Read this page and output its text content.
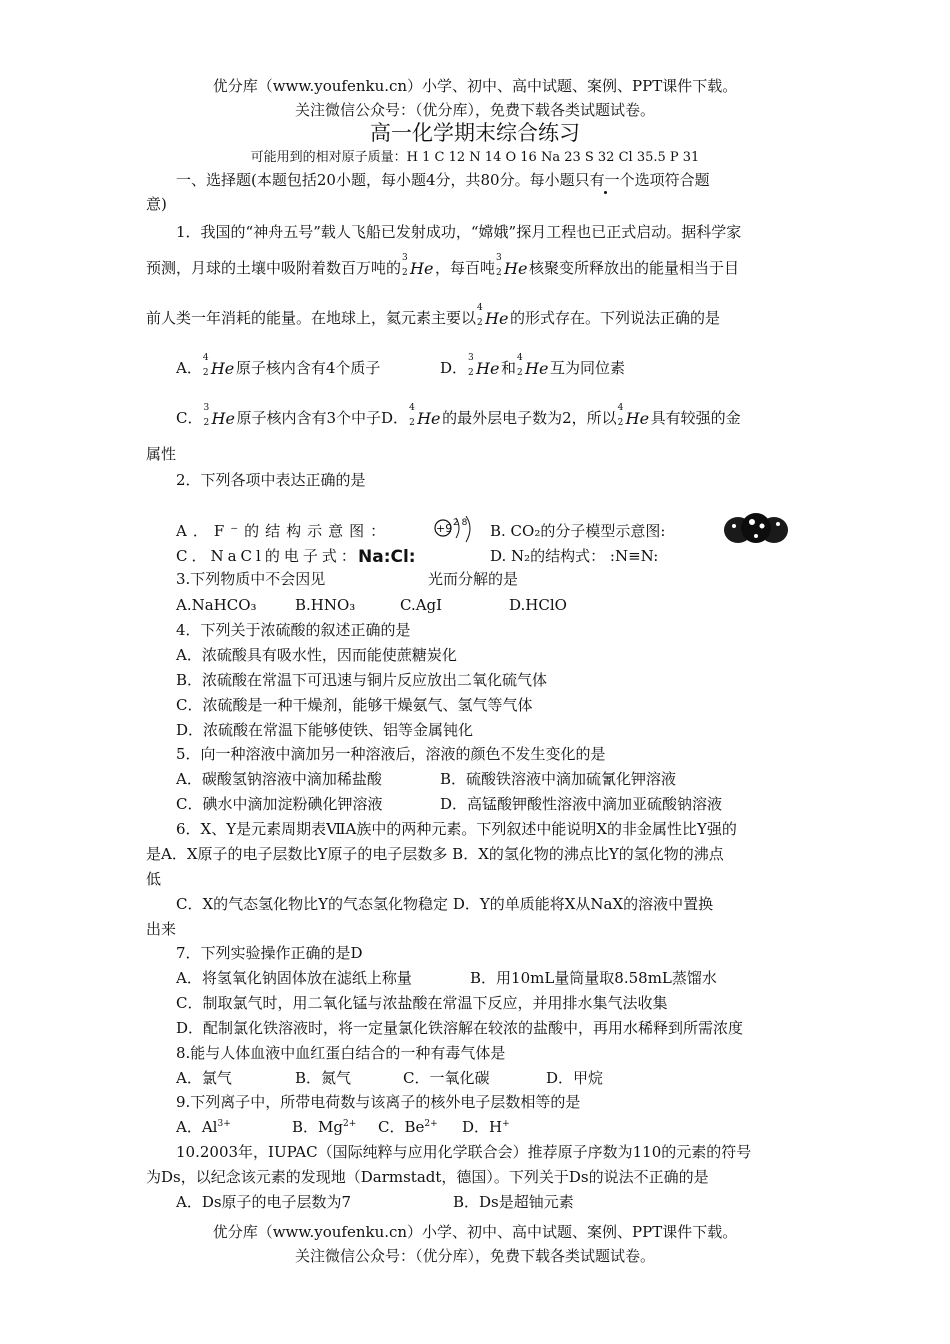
优分库（www.youfenku.cn）小学、初中、高中试题、案例、PPT课件下载。
关注微信公众号：（优分库），免费下载各类试题试卷。
高一化学期末综合练习
可能用到的相对原子质量：H 1 C 12 N 14 O 16 Na 23 S 32 Cl 35.5 P 31
一、选择题(本题包括20小题，每小题4分，共80分。每小题只有一个选项符合题
意)
1．我国的“神舟五号”载人飞船已发射成功，“嫦娥”探月工程也已正式启动。据科学家
预测，月球的土壤中吸附着数百万吨的
3
2 He ，每百吨
3
2 He 核聚变所释放出的能量相当于目
前人类一年消耗的能量。在地球上，氦元素主要以
4
2 He 的形式存在。下列说法正确的是
A．
4
2 He 原子核内含有4个质子	D．
3
2 He 和
4
2 He 互为同位素
C．
3
2 He 原子核内含有3个中子D．
4
2 He 的最外层电子数为2，所以
4
2 He 具有较强的金
属性
2．下列各项中表达正确的是
A．F⁻的结构示意图：	+9 2 8 B. CO₂的分子模型示意图:
C．NaCl的电子式：
Na:Cl:	D. N₂的结构式： :N≡N:
3.下列物质中不会因见	光而分解的是
A.NaHCO₃	B.HNO₃	C.AgI	D.HClO
4．下列关于浓硫酸的叙述正确的是
A．浓硫酸具有吸水性，因而能使蔗糖炭化
B．浓硫酸在常温下可迅速与铜片反应放出二氧化硫气体
C．浓硫酸是一种干燥剂，能够干燥氨气、氢气等气体
D．浓硫酸在常温下能够使铁、铝等金属钝化
5．向一种溶液中滴加另一种溶液后，溶液的颜色不发生变化的是
A．碳酸氢钠溶液中滴加稀盐酸	B．硫酸铁溶液中滴加硫氰化钾溶液
C．碘水中滴加淀粉碘化钾溶液	D．高锰酸钾酸性溶液中滴加亚硫酸钠溶液
6．X、Y是元素周期表ⅦA族中的两种元素。下列叙述中能说明X的非金属性比Y强的
是A．X原子的电子层数比Y原子的电子层数多 B．X的氢化物的沸点比Y的氢化物的沸点
低
C．X的气态氢化物比Y的气态氢化物稳定 D．Y的单质能将X从NaX的溶液中置换
出来
7．下列实验操作正确的是D
A．将氢氧化钠固体放在滤纸上称量	B．用10mL量筒量取8.58mL蒸馏水
C．制取氯气时，用二氧化锰与浓盐酸在常温下反应，并用排水集气法收集
D．配制氯化铁溶液时，将一定量氯化铁溶解在较浓的盐酸中，再用水稀释到所需浓度
8.能与人体血液中血红蛋白结合的一种有毒气体是
A．氯气	B．氮气	C．一氧化碳	D．甲烷
9.下列离子中，所带电荷数与该离子的核外电子层数相等的是
A．$Al^{3+}$	B．$Mg^{2+}$	C．$Be^{2+}$	D．H+
10.2003年，IUPAC（国际纯粹与应用化学联合会）推荐原子序数为110的元素的符号
为Ds，以纪念该元素的发现地（Darmstadt，德国）。下列关于Ds的说法不正确的是
A．Ds原子的电子层数为7	B．Ds是超铀元素
优分库（www.youfenku.cn）小学、初中、高中试题、案例、PPT课件下载。
关注微信公众号：（优分库），免费下载各类试题试卷。
